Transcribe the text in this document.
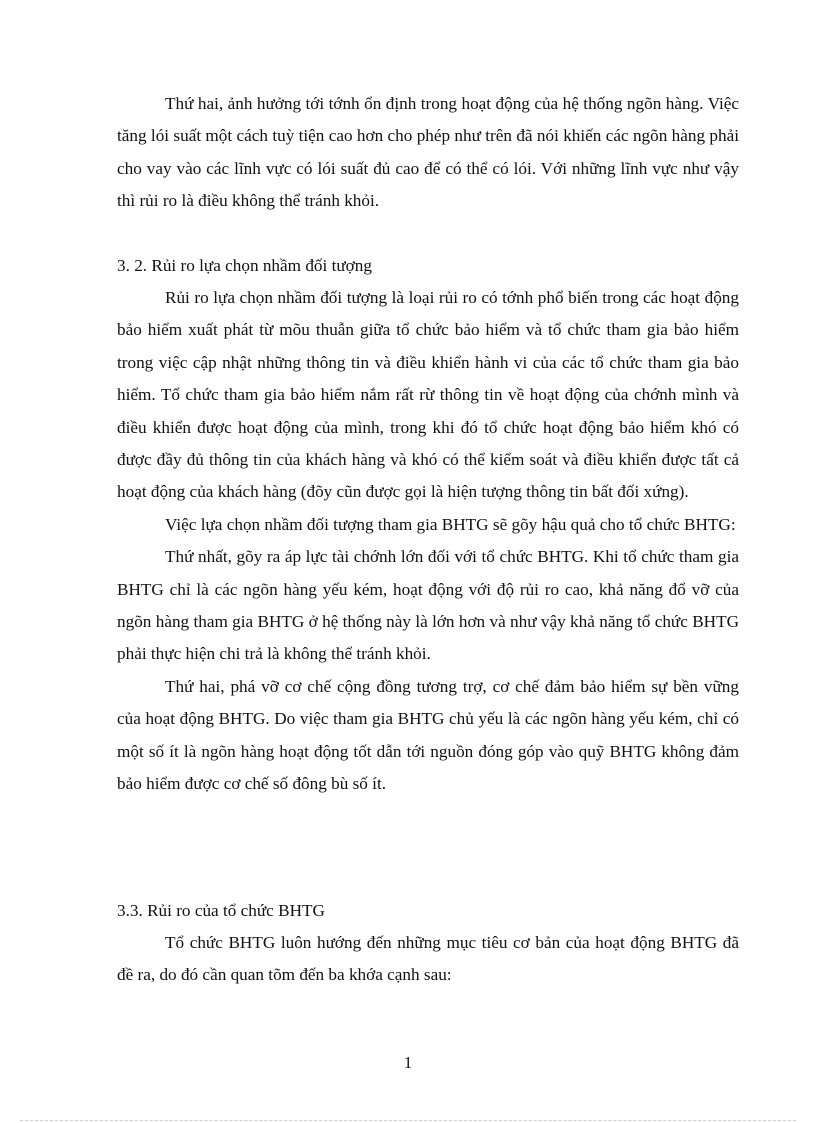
Thứ hai, ảnh hưởng tới tớnh ổn định trong hoạt động của hệ thống ngõn hàng. Việc tăng lói suất một cách tuỳ tiện cao hơn cho phép như trên đã nói khiến các ngõn hàng phải cho vay vào các lĩnh vực có lói suất đủ cao để có thể có lói. Với những lĩnh vực như vậy thì rủi ro là điều không thể tránh khỏi.

3. 2. Rủi ro lựa chọn nhầm đối tượng

Rủi ro lựa chọn nhầm đối tượng là loại rủi ro có tớnh phổ biến trong các hoạt động bảo hiểm xuất phát từ mõu thuẫn giữa tổ chức bảo hiểm và tổ chức tham gia bảo hiểm trong việc cập nhật những thông tin và điều khiển hành vi của các tổ chức tham gia bảo hiểm. Tổ chức tham gia bảo hiểm nắm rất rừ thông tin về hoạt động của chớnh mình và điều khiển được hoạt động của mình, trong khi đó tổ chức hoạt động bảo hiểm khó có được đầy đủ thông tin của khách hàng và khó có thể kiểm soát và điều khiển được tất cả hoạt động của khách hàng (đõy cũn được gọi là hiện tượng thông tin bất đối xứng).

Việc lựa chọn nhầm đối tượng tham gia BHTG sẽ gõy hậu quả cho tổ chức BHTG:

Thứ nhất, gõy ra áp lực tài chớnh lớn đối với tổ chức BHTG. Khi tổ chức tham gia BHTG chỉ là các ngõn hàng yếu kém, hoạt động với độ rủi ro cao, khả năng đổ vỡ của ngõn hàng tham gia BHTG ở hệ thống này là lớn hơn và như vậy khả năng tổ chức BHTG phải thực hiện chi trả là không thể tránh khỏi.

Thứ hai, phá vỡ cơ chế cộng đồng tương trợ, cơ chế đảm bảo hiểm sự bền vững của hoạt động BHTG. Do việc tham gia BHTG chủ yếu là các ngõn hàng yếu kém, chỉ có một số ít là ngõn hàng hoạt động tốt dẫn tới nguồn đóng góp vào quỹ BHTG không đảm bảo hiểm được cơ chế số đông bù số ít.

3.3. Rủi ro của tổ chức BHTG

Tổ chức BHTG luôn hướng đến những mục tiêu cơ bản của hoạt động BHTG đã đề ra, do đó cần quan tõm đến ba khớa cạnh sau:

1
